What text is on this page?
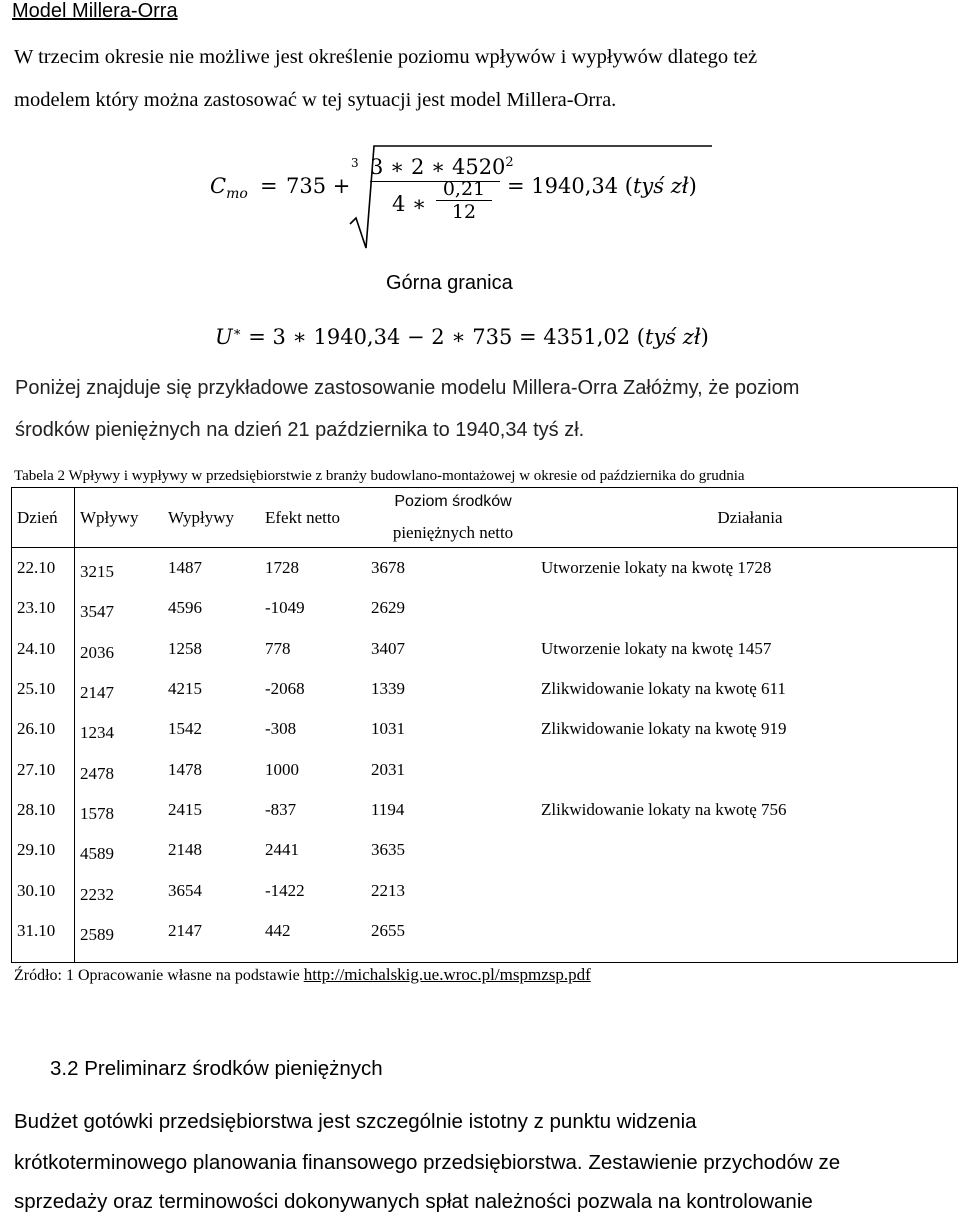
Model Millera-Orra
W trzecim okresie nie możliwe jest określenie poziomu wpływów i wypływów dlatego też
modelem który można zastosować w tej sytuacji jest model Millera-Orra.
$C_{mo} = 735$ +
3 3 ∗ 2 ∗ 4520$^2$
4 ∗
0,21
12
= 1940,34 (tyś zł)
Górna granica
U∗ = 3 ∗ 1940,34 − 2 ∗ 735 = 4351,02 (tyś zł)
Poniżej znajduje się przykładowe zastosowanie modelu Millera-Orra Załóżmy, że poziom
środków pieniężnych na dzień 21 października to 1940,34 tyś zł.
Tabela 2 Wpływy i wypływy w przedsiębiorstwie z branży budowlano-montażowej w okresie od października do grudnia
Dzień	Wpływy	Wypływy	Efekt netto	Poziom środków
pieniężnych netto	Działania
22.10	3215	1487	1728	3678	Utworzenie lokaty na kwotę 1728
23.10	3547	4596	-1049	2629	
24.10	2036	1258	778	3407	Utworzenie lokaty na kwotę 1457
25.10	2147	4215	-2068	1339	Zlikwidowanie lokaty na kwotę 611
26.10	1234	1542	-308	1031	Zlikwidowanie lokaty na kwotę 919
27.10	2478	1478	1000	2031	
28.10	1578	2415	-837	1194	Zlikwidowanie lokaty na kwotę 756
29.10	4589	2148	2441	3635	
30.10	2232	3654	-1422	2213	
31.10	2589	2147	442	2655	
Źródło: 1 Opracowanie własne na podstawie http://michalskig.ue.wroc.pl/mspmzsp.pdf
3.2 Preliminarz środków pieniężnych
Budżet gotówki przedsiębiorstwa jest szczególnie istotny z punktu widzenia
krótkoterminowego planowania finansowego przedsiębiorstwa. Zestawienie przychodów ze
sprzedaży oraz terminowości dokonywanych spłat należności pozwala na kontrolowanie
